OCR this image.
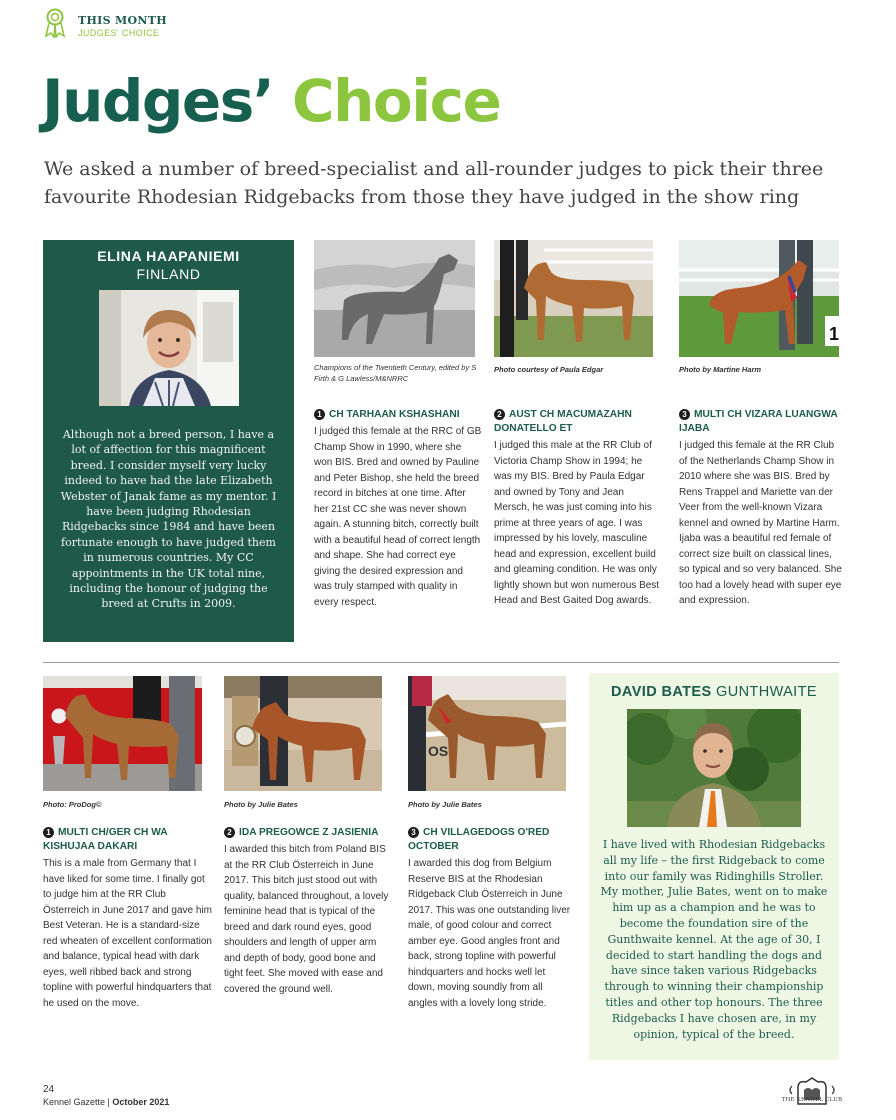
THIS MONTH
JUDGES' CHOICE
Judges’ Choice

We asked a number of breed-specialist and all-rounder judges to pick their three favourite Rhodesian Ridgebacks from those they have judged in the show ring

ELINA HAAPANIEMI
FINLAND
Although not a breed person, I have a lot of affection for this magnificent breed. I consider myself very lucky indeed to have had the late Elizabeth Webster of Janak fame as my mentor. I have been judging Rhodesian Ridgebacks since 1984 and have been fortunate enough to have judged them in numerous countries. My CC appointments in the UK total nine, including the honour of judging the breed at Crufts in 2009.
Champions of the Twentieth Century, edited by S Firth & G Lawless/M&NRRC
Photo courtesy of Paula Edgar
1
Photo by Martine Harm
1 CH TARHAAN KSHASHANI
I judged this female at the RRC of GB Champ Show in 1990, where she won BIS. Bred and owned by Pauline and Peter Bishop, she held the breed record in bitches at one time. After her 21st CC she was never shown again. A stunning bitch, correctly built with a beautiful head of correct length and shape. She had correct eye giving the desired expression and was truly stamped with quality in every respect.
2 AUST CH MACUMAZAHN DONATELLO ET
I judged this male at the RR Club of Victoria Champ Show in 1994; he was my BIS. Bred by Paula Edgar and owned by Tony and Jean Mersch, he was just coming into his prime at three years of age. I was impressed by his lovely, masculine head and expression, excellent build and gleaming condition. He was only lightly shown but won numerous Best Head and Best Gaited Dog awards.
3 MULTI CH VIZARA LUANGWA IJABA
I judged this female at the RR Club of the Netherlands Champ Show in 2010 where she was BIS. Bred by Rens Trappel and Mariette van der Veer from the well-known Vizara kennel and owned by Martine Harm. Ijaba was a beautiful red female of correct size built on classical lines, so typical and so very balanced. She too had a lovely head with super eye and expression.
Photo: ProDog©	Photo by Julie Bates
OS
Photo by Julie Bates
1 MULTI CH/GER CH WA KISHUJAA DAKARI
This is a male from Germany that I have liked for some time. I finally got to judge him at the RR Club Österreich in June 2017 and gave him Best Veteran. He is a standard-size red wheaten of excellent conformation and balance, typical head with dark eyes, well ribbed back and strong topline with powerful hindquarters that he used on the move.
2 IDA PREGOWCE Z JASIENIA
I awarded this bitch from Poland BIS at the RR Club Österreich in June 2017. This bitch just stood out with quality, balanced throughout, a lovely feminine head that is typical of the breed and dark round eyes, good shoulders and length of upper arm and depth of body, good bone and tight feet. She moved with ease and covered the ground well.
3 CH VILLAGEDOGS O'RED OCTOBER
I awarded this dog from Belgium Reserve BIS at the Rhodesian Ridgeback Club Österreich in June 2017. This was one outstanding liver male, of good colour and correct amber eye. Good angles front and back, strong topline with powerful hindquarters and hocks well let down, moving soundly from all angles with a lovely long stride.
DAVID BATES GUNTHWAITE
I have lived with Rhodesian Ridgebacks all my life – the first Ridgeback to come into our family was Ridinghills Stroller. My mother, Julie Bates, went on to make him up as a champion and he was to become the foundation sire of the Gunthwaite kennel. At the age of 30, I decided to start handling the dogs and have since taken various Ridgebacks through to winning their championship titles and other top honours. The three Ridgebacks I have chosen are, in my opinion, typical of the breed.
24
Kennel Gazette | October 2021	THE KENNEL CLUB
